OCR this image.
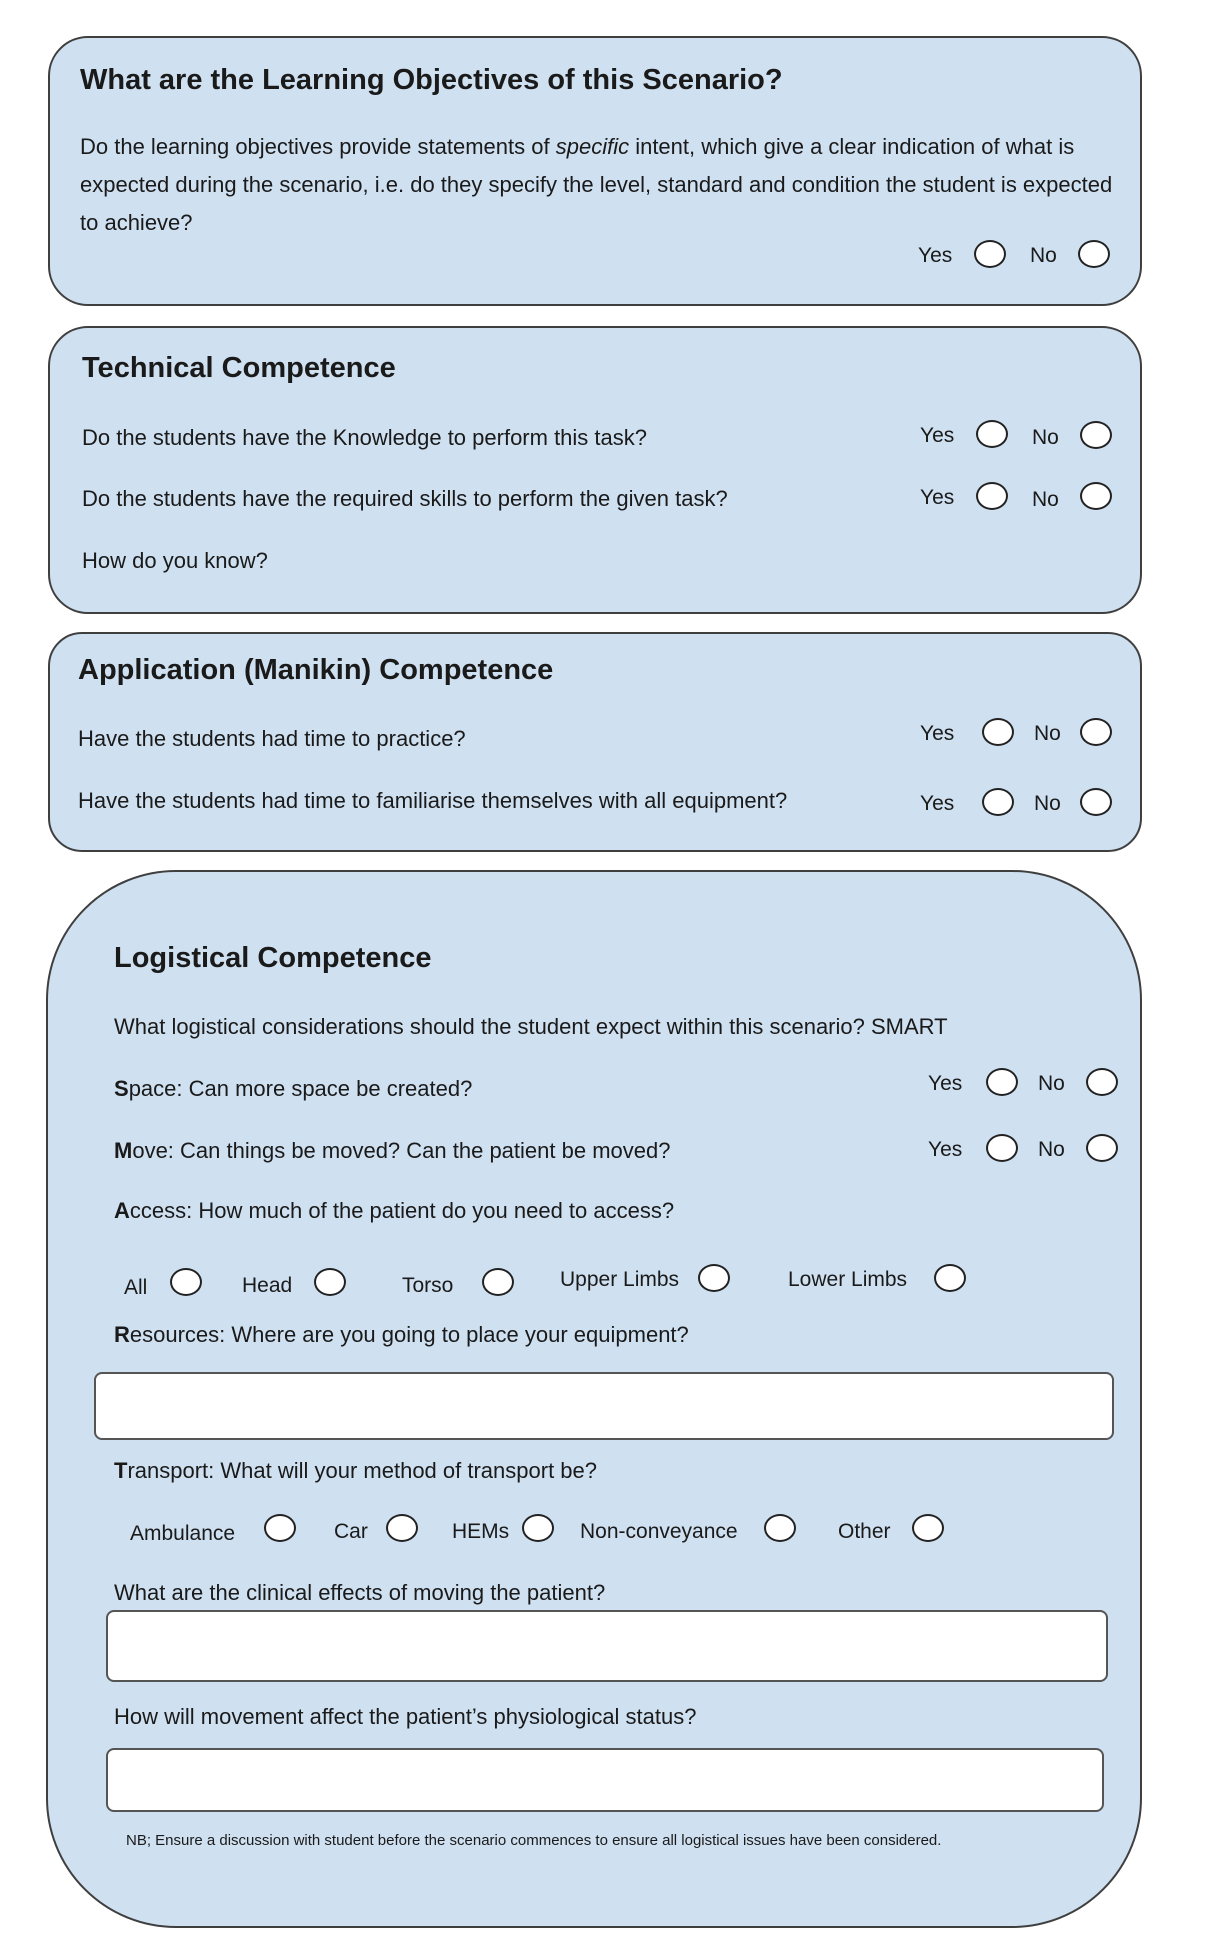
What are the Learning Objectives of this Scenario?
Do the learning objectives provide statements of specific intent, which give a clear indication of what is expected during the scenario, i.e. do they specify the level, standard and condition the student is expected to achieve?
Yes	No
Technical Competence
Do the students have the Knowledge to perform this task?	Yes	No
Do the students have the required skills to perform the given task?	Yes	No
How do you know?
Application (Manikin) Competence
Have the students had time to practice?	Yes	No
Have the students had time to familiarise themselves with all equipment?	Yes	No
Logistical Competence
What logistical considerations should the student expect within this scenario? SMART
Space: Can more space be created?	Yes	No
Move: Can things be moved? Can the patient be moved?	Yes	No
Access: How much of the patient do you need to access?
All	Head	Torso	Upper Limbs	Lower Limbs
Resources: Where are you going to place your equipment?
Transport: What will your method of transport be?
Ambulance	Car	HEMs	Non-conveyance	Other
What are the clinical effects of moving the patient?
How will movement affect the patient’s physiological status?
NB; Ensure a discussion with student before the scenario commences to ensure all logistical issues have been considered.
